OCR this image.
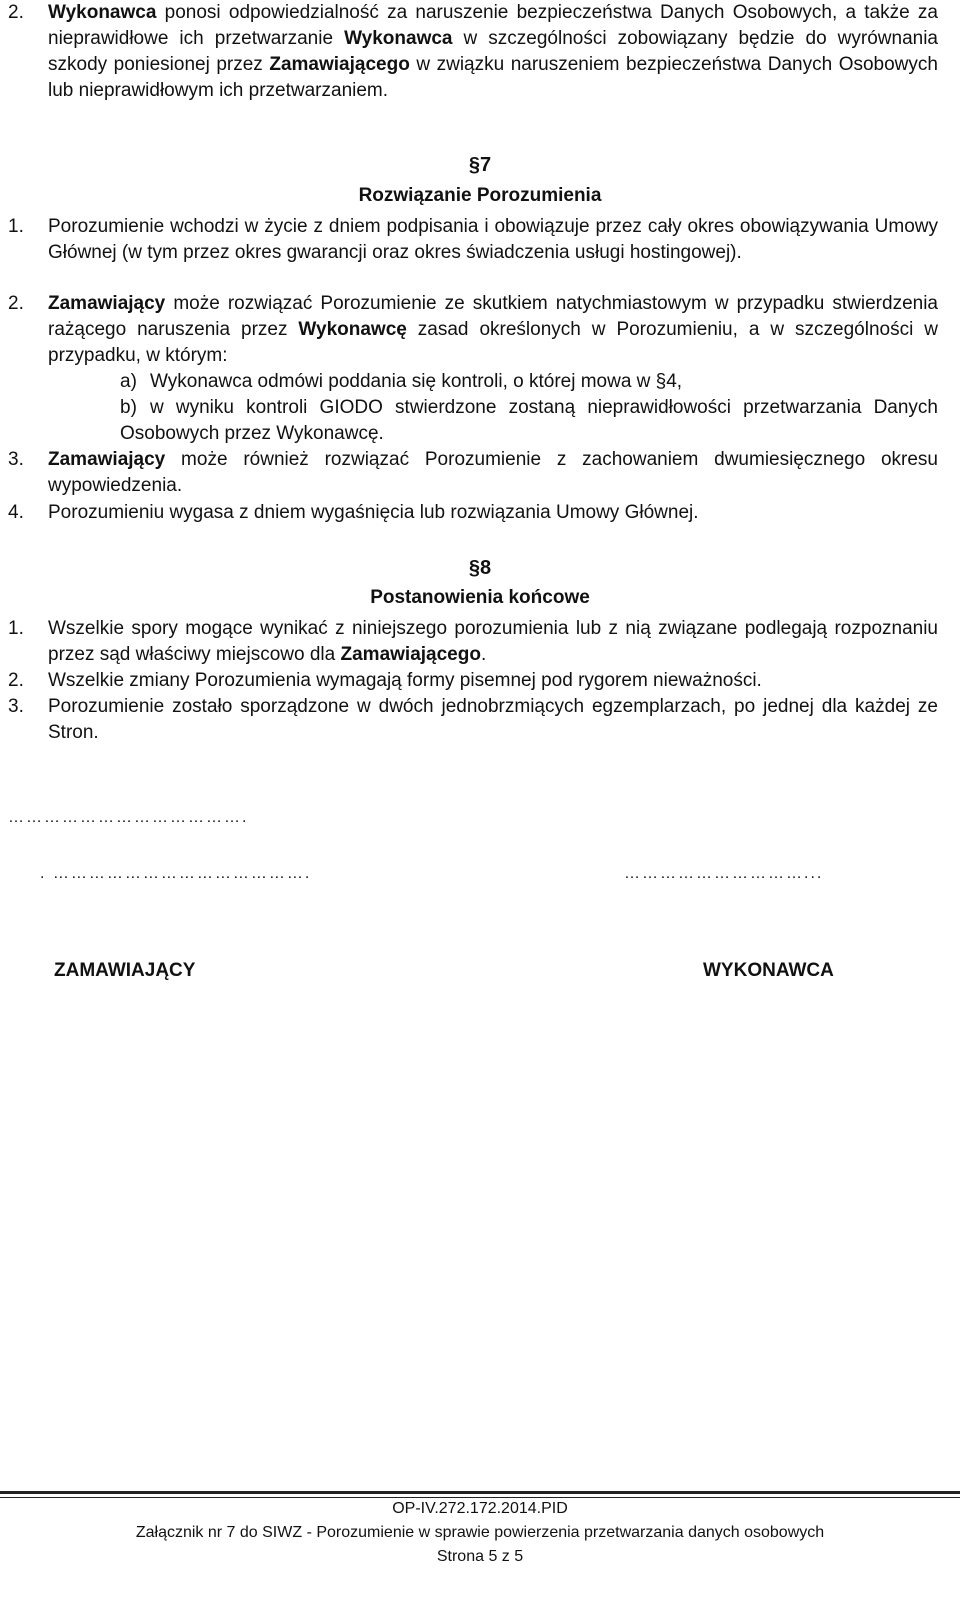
2. Wykonawca ponosi odpowiedzialność za naruszenie bezpieczeństwa Danych Osobowych, a także za nieprawidłowe ich przetwarzanie Wykonawca w szczególności zobowiązany będzie do wyrównania szkody poniesionej przez Zamawiającego w związku naruszeniem bezpieczeństwa Danych Osobowych lub nieprawidłowym ich przetwarzaniem.
§7
Rozwiązanie Porozumienia
1. Porozumienie wchodzi w życie z dniem podpisania i obowiązuje przez cały okres obowiązywania Umowy Głównej (w tym przez okres gwarancji oraz okres świadczenia usługi hostingowej).
2. Zamawiający może rozwiązać Porozumienie ze skutkiem natychmiastowym w przypadku stwierdzenia rażącego naruszenia przez Wykonawcę zasad określonych w Porozumieniu, a w szczególności w przypadku, w którym:
a) Wykonawca odmówi poddania się kontroli, o której mowa w §4,
b) w wyniku kontroli GIODO stwierdzone zostaną nieprawidłowości przetwarzania Danych Osobowych przez Wykonawcę.
3. Zamawiający może również rozwiązać Porozumienie z zachowaniem dwumiesięcznego okresu wypowiedzenia.
4. Porozumieniu wygasa z dniem wygaśnięcia lub rozwiązania Umowy Głównej.
§8
Postanowienia końcowe
1. Wszelkie spory mogące wynikać z niniejszego porozumienia lub z nią związane podlegają rozpoznaniu przez sąd właściwy miejscowo dla Zamawiającego.
2. Wszelkie zmiany Porozumienia wymagają formy pisemnej pod rygorem nieważności.
3. Porozumienie zostało sporządzone w dwóch jednobrzmiących egzemplarzach, po jednej dla każdej ze Stron.
………………………………….
. …………………………………….	…………………………...
ZAMAWIAJĄCY	WYKONAWCA
OP-IV.272.172.2014.PID
Załącznik nr 7 do SIWZ - Porozumienie w sprawie powierzenia przetwarzania danych osobowych
Strona 5 z 5
